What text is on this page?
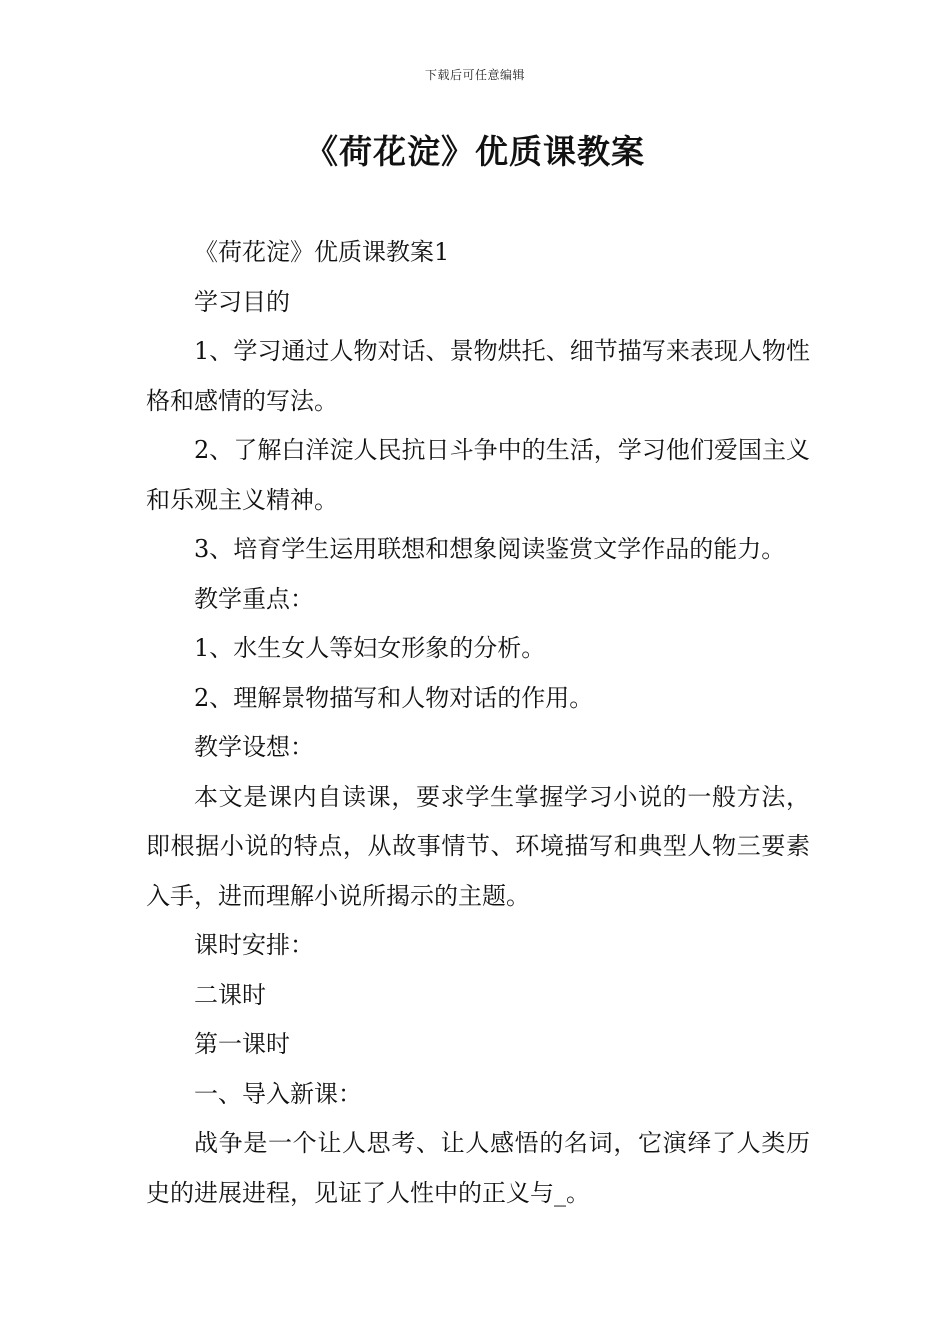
下载后可任意编辑
《荷花淀》优质课教案

《荷花淀》优质课教案1

学习目的

1、学习通过人物对话、景物烘托、细节描写来表现人物性格和感情的写法。

2、了解白洋淀人民抗日斗争中的生活，学习他们爱国主义和乐观主义精神。

3、培育学生运用联想和想象阅读鉴赏文学作品的能力。

教学重点：

1、水生女人等妇女形象的分析。

2、理解景物描写和人物对话的作用。

教学设想：

本文是课内自读课，要求学生掌握学习小说的一般方法，即根据小说的特点，从故事情节、环境描写和典型人物三要素入手，进而理解小说所揭示的主题。

课时安排：

二课时

第一课时

一、导入新课：

战争是一个让人思考、让人感悟的名词，它演绎了人类历史的进展进程，见证了人性中的正义与_。
